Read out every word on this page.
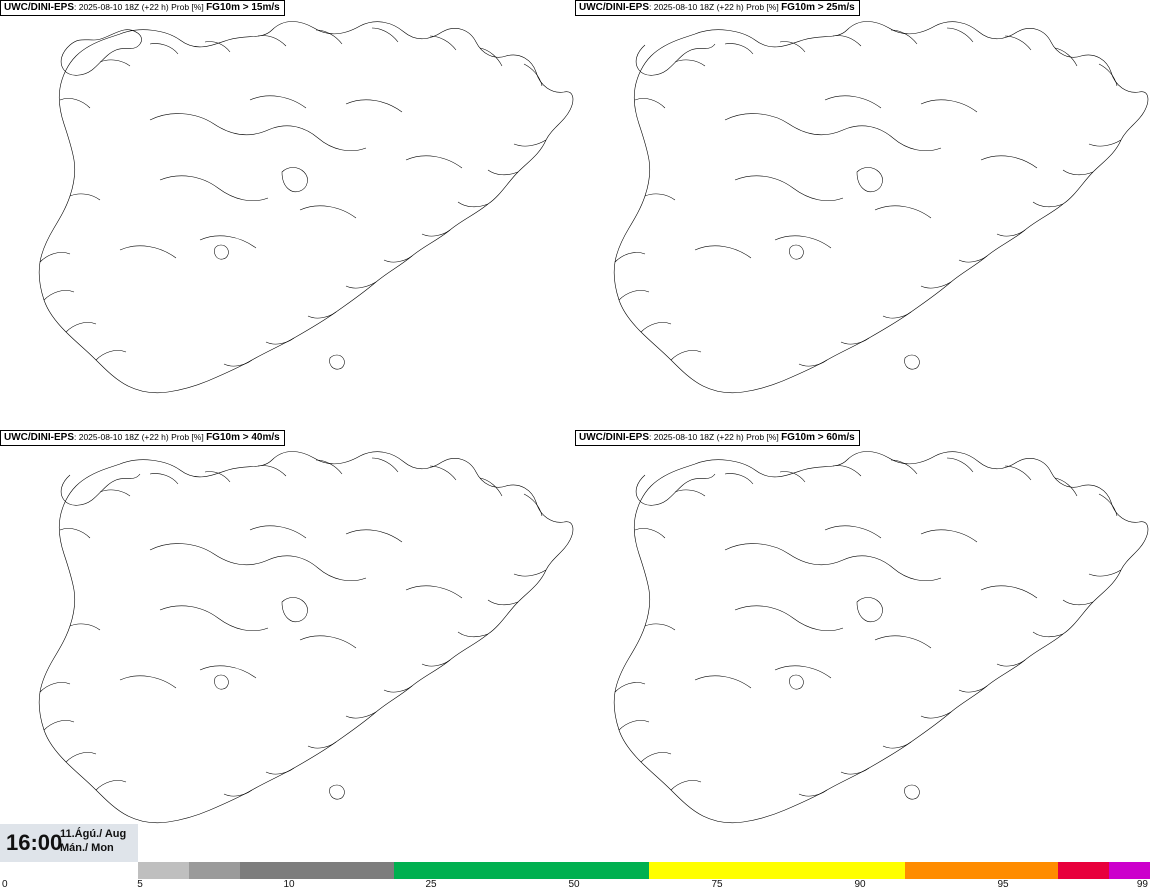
UWC/DINI-EPS: 2025-08-10 18Z (+22 h) Prob [%] FG10m > 15m/s	UWC/DINI-EPS: 2025-08-10 18Z (+22 h) Prob [%] FG10m > 25m/s
UWC/DINI-EPS: 2025-08-10 18Z (+22 h) Prob [%] FG10m > 40m/s	UWC/DINI-EPS: 2025-08-10 18Z (+22 h) Prob [%] FG10m > 60m/s
16:00
11.Ágú./ Aug
Mán./ Mon
0	5	10	25	50	75	90	95	99
